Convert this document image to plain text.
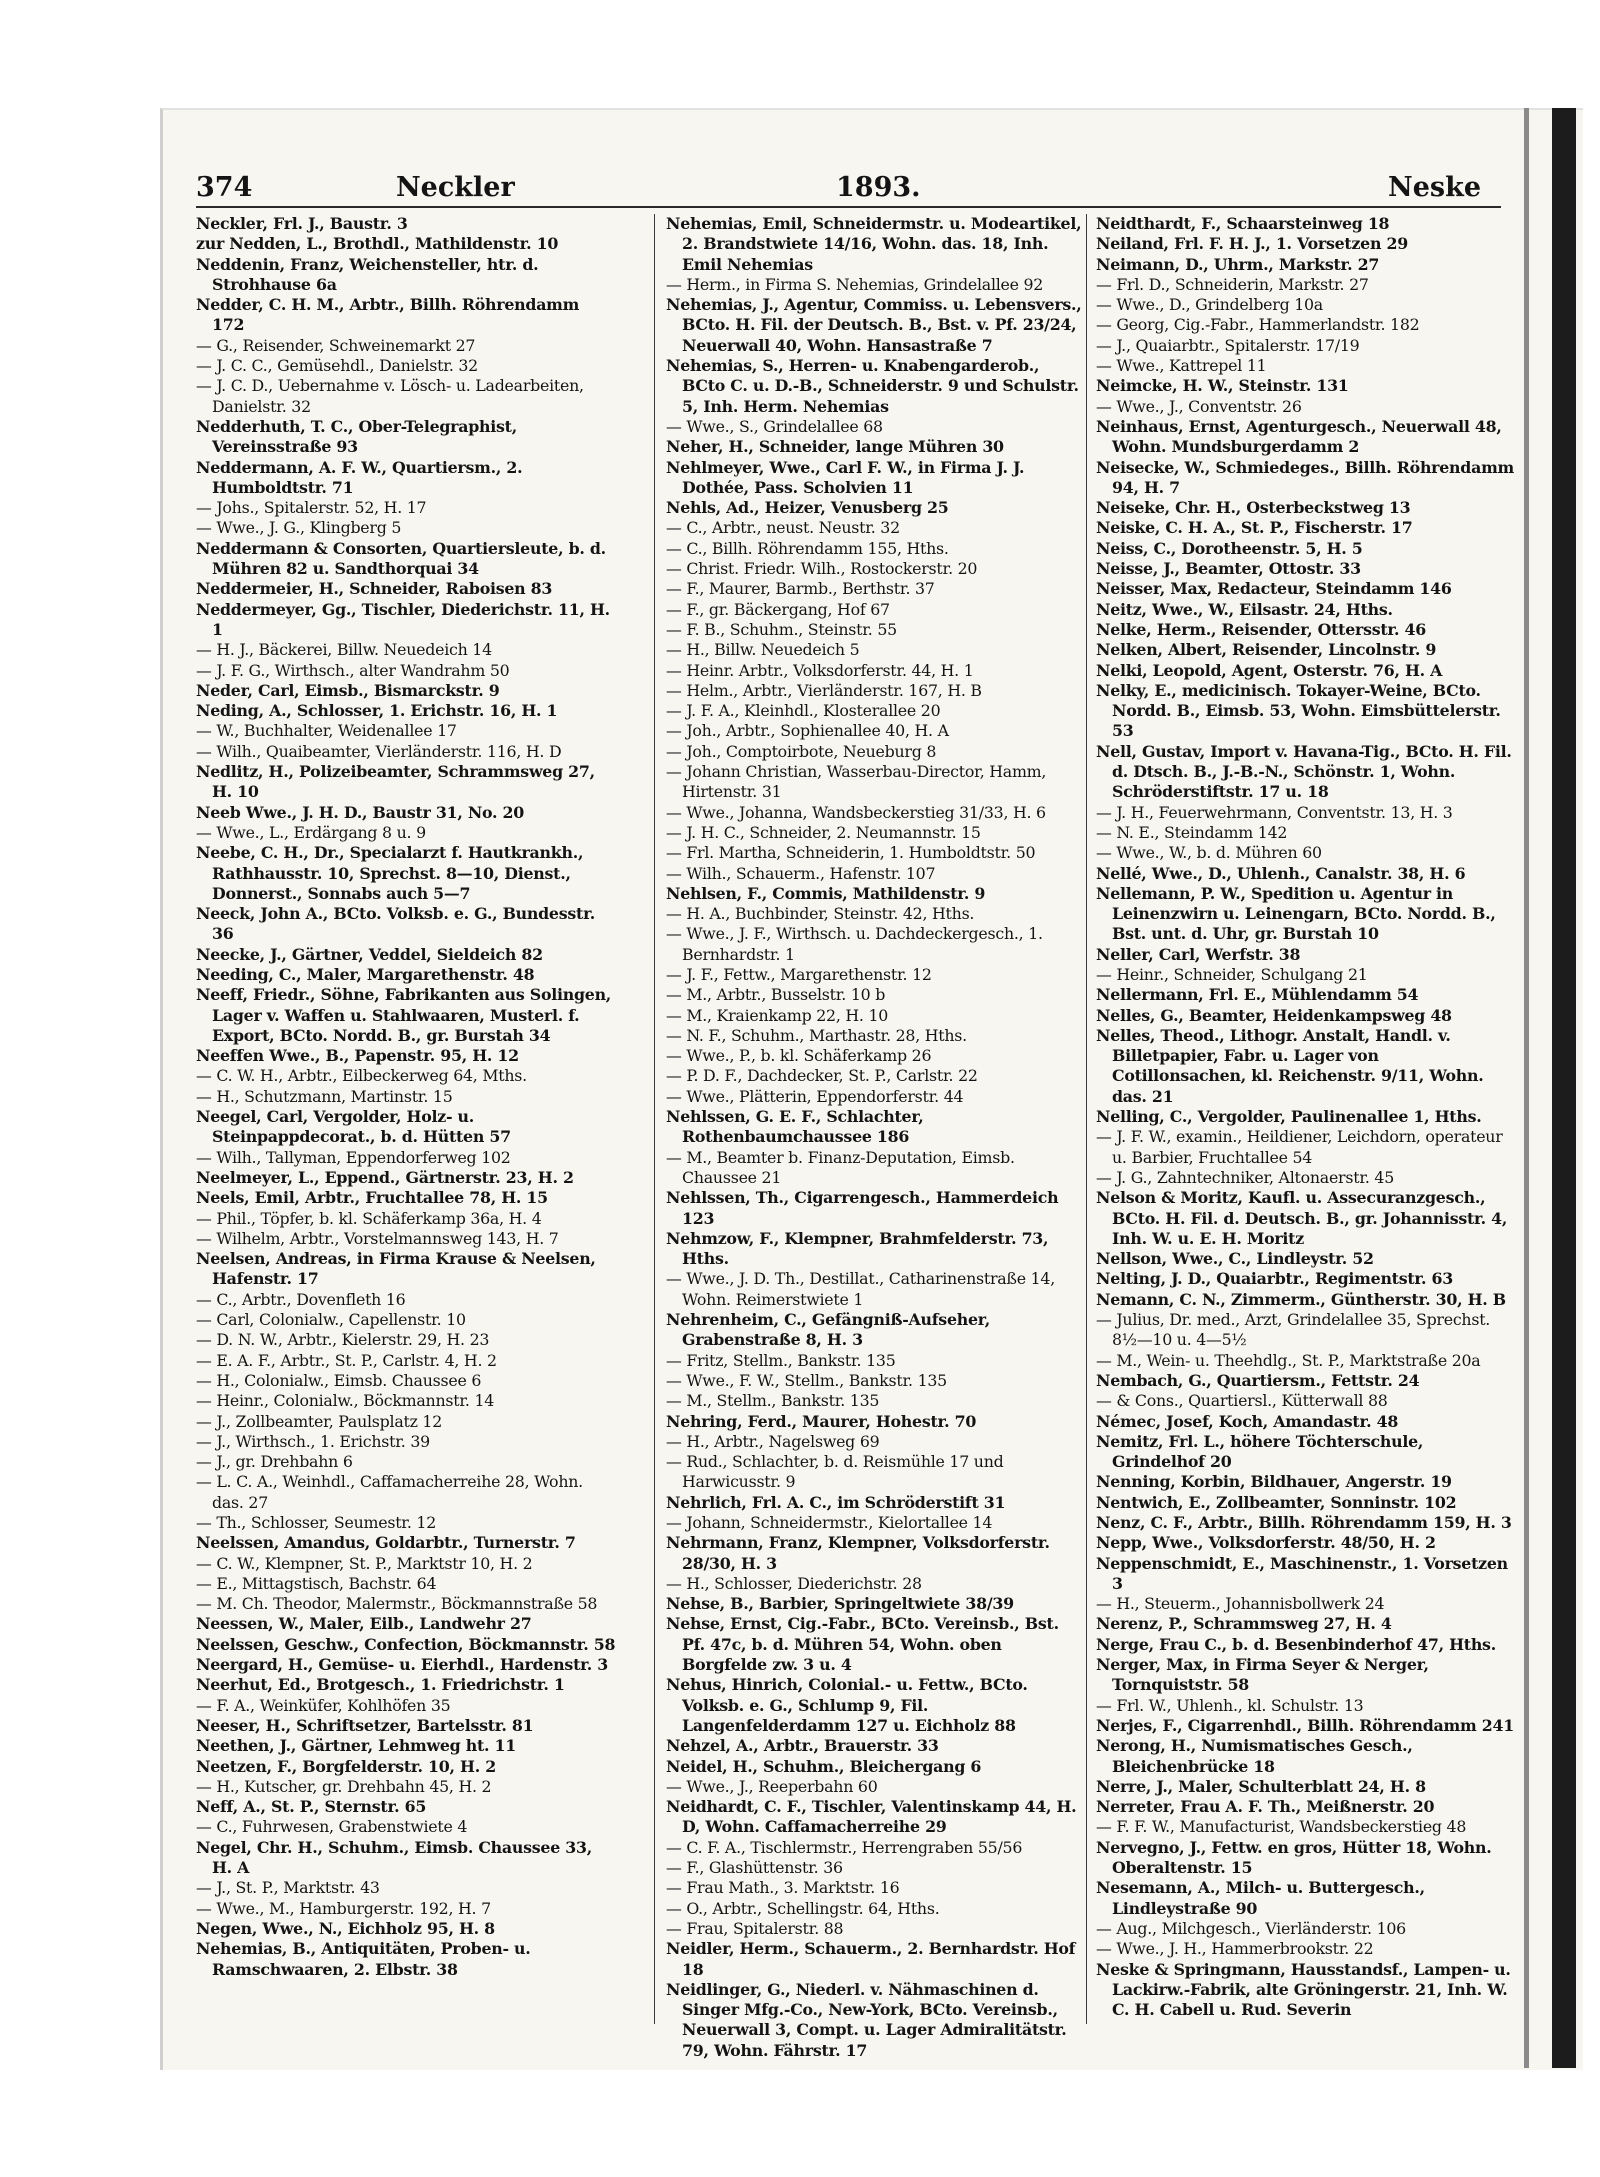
374	Neckler	1893.	Neske

Neckler, Frl. J., Baustr. 3

zur Nedden, L., Brothdl., Mathildenstr. 10

Neddenin, Franz, Weichensteller, htr. d. Strohhause 6a

Nedder, C. H. M., Arbtr., Billh. Röhrendamm 172

— G., Reisender, Schweinemarkt 27

— J. C. C., Gemüsehdl., Danielstr. 32

— J. C. D., Uebernahme v. Lösch- u. Ladearbeiten, Danielstr. 32

Nedderhuth, T. C., Ober-Telegraphist, Vereinsstraße 93

Neddermann, A. F. W., Quartiersm., 2. Humboldtstr. 71

— Johs., Spitalerstr. 52, H. 17

— Wwe., J. G., Klingberg 5

Neddermann & Consorten, Quartiersleute, b. d. Mühren 82 u. Sandthorquai 34

Neddermeier, H., Schneider, Raboisen 83

Neddermeyer, Gg., Tischler, Diederichstr. 11, H. 1

— H. J., Bäckerei, Billw. Neuedeich 14

— J. F. G., Wirthsch., alter Wandrahm 50

Neder, Carl, Eimsb., Bismarckstr. 9

Neding, A., Schlosser, 1. Erichstr. 16, H. 1

— W., Buchhalter, Weidenallee 17

— Wilh., Quaibeamter, Vierländerstr. 116, H. D

Nedlitz, H., Polizeibeamter, Schrammsweg 27, H. 10

Neeb Wwe., J. H. D., Baustr 31, No. 20

— Wwe., L., Erdärgang 8 u. 9

Neebe, C. H., Dr., Specialarzt f. Hautkrankh., Rathhausstr. 10, Sprechst. 8—10, Dienst., Donnerst., Sonnabs auch 5—7

Neeck, John A., BCto. Volksb. e. G., Bundesstr. 36

Neecke, J., Gärtner, Veddel, Sieldeich 82

Needing, C., Maler, Margarethenstr. 48

Neeff, Friedr., Söhne, Fabrikanten aus Solingen, Lager v. Waffen u. Stahlwaaren, Musterl. f. Export, BCto. Nordd. B., gr. Burstah 34

Neeffen Wwe., B., Papenstr. 95, H. 12

— C. W. H., Arbtr., Eilbeckerweg 64, Mths.

— H., Schutzmann, Martinstr. 15

Neegel, Carl, Vergolder, Holz- u. Steinpappdecorat., b. d. Hütten 57

— Wilh., Tallyman, Eppendorferweg 102

Neelmeyer, L., Eppend., Gärtnerstr. 23, H. 2

Neels, Emil, Arbtr., Fruchtallee 78, H. 15

— Phil., Töpfer, b. kl. Schäferkamp 36a, H. 4

— Wilhelm, Arbtr., Vorstelmannsweg 143, H. 7

Neelsen, Andreas, in Firma Krause & Neelsen, Hafenstr. 17

— C., Arbtr., Dovenfleth 16

— Carl, Colonialw., Capellenstr. 10

— D. N. W., Arbtr., Kielerstr. 29, H. 23

— E. A. F., Arbtr., St. P., Carlstr. 4, H. 2

— H., Colonialw., Eimsb. Chaussee 6

— Heinr., Colonialw., Böckmannstr. 14

— J., Zollbeamter, Paulsplatz 12

— J., Wirthsch., 1. Erichstr. 39

— J., gr. Drehbahn 6

— L. C. A., Weinhdl., Caffamacherreihe 28, Wohn. das. 27

— Th., Schlosser, Seumestr. 12

Neelssen, Amandus, Goldarbtr., Turnerstr. 7

— C. W., Klempner, St. P., Marktstr 10, H. 2

— E., Mittagstisch, Bachstr. 64

— M. Ch. Theodor, Malermstr., Böckmannstraße 58

Neessen, W., Maler, Eilb., Landwehr 27

Neelssen, Geschw., Confection, Böckmannstr. 58

Neergard, H., Gemüse- u. Eierhdl., Hardenstr. 3

Neerhut, Ed., Brotgesch., 1. Friedrichstr. 1

— F. A., Weinküfer, Kohlhöfen 35

Neeser, H., Schriftsetzer, Bartelsstr. 81

Neethen, J., Gärtner, Lehmweg ht. 11

Neetzen, F., Borgfelderstr. 10, H. 2

— H., Kutscher, gr. Drehbahn 45, H. 2

Neff, A., St. P., Sternstr. 65

— C., Fuhrwesen, Grabenstwiete 4

Negel, Chr. H., Schuhm., Eimsb. Chaussee 33, H. A

— J., St. P., Marktstr. 43

— Wwe., M., Hamburgerstr. 192, H. 7

Negen, Wwe., N., Eichholz 95, H. 8

Nehemias, B., Antiquitäten, Proben- u. Ramschwaaren, 2. Elbstr. 38

Nehemias, Emil, Schneidermstr. u. Modeartikel, 2. Brandstwiete 14/16, Wohn. das. 18, Inh. Emil Nehemias

— Herm., in Firma S. Nehemias, Grindelallee 92

Nehemias, J., Agentur, Commiss. u. Lebensvers., BCto. H. Fil. der Deutsch. B., Bst. v. Pf. 23/24, Neuerwall 40, Wohn. Hansastraße 7

Nehemias, S., Herren- u. Knabengarderob., BCto C. u. D.-B., Schneiderstr. 9 und Schulstr. 5, Inh. Herm. Nehemias

— Wwe., S., Grindelallee 68

Neher, H., Schneider, lange Mühren 30

Nehlmeyer, Wwe., Carl F. W., in Firma J. J. Dothée, Pass. Scholvien 11

Nehls, Ad., Heizer, Venusberg 25

— C., Arbtr., neust. Neustr. 32

— C., Billh. Röhrendamm 155, Hths.

— Christ. Friedr. Wilh., Rostockerstr. 20

— F., Maurer, Barmb., Berthstr. 37

— F., gr. Bäckergang, Hof 67

— F. B., Schuhm., Steinstr. 55

— H., Billw. Neuedeich 5

— Heinr. Arbtr., Volksdorferstr. 44, H. 1

— Helm., Arbtr., Vierländerstr. 167, H. B

— J. F. A., Kleinhdl., Klosterallee 20

— Joh., Arbtr., Sophienallee 40, H. A

— Joh., Comptoirbote, Neueburg 8

— Johann Christian, Wasserbau-Director, Hamm, Hirtenstr. 31

— Wwe., Johanna, Wandsbeckerstieg 31/33, H. 6

— J. H. C., Schneider, 2. Neumannstr. 15

— Frl. Martha, Schneiderin, 1. Humboldtstr. 50

— Wilh., Schauerm., Hafenstr. 107

Nehlsen, F., Commis, Mathildenstr. 9

— H. A., Buchbinder, Steinstr. 42, Hths.

— Wwe., J. F., Wirthsch. u. Dachdeckergesch., 1. Bernhardstr. 1

— J. F., Fettw., Margarethenstr. 12

— M., Arbtr., Busselstr. 10 b

— M., Kraienkamp 22, H. 10

— N. F., Schuhm., Marthastr. 28, Hths.

— Wwe., P., b. kl. Schäferkamp 26

— P. D. F., Dachdecker, St. P., Carlstr. 22

— Wwe., Plätterin, Eppendorferstr. 44

Nehlssen, G. E. F., Schlachter, Rothenbaumchaussee 186

— M., Beamter b. Finanz-Deputation, Eimsb. Chaussee 21

Nehlssen, Th., Cigarrengesch., Hammerdeich 123

Nehmzow, F., Klempner, Brahmfelderstr. 73, Hths.

— Wwe., J. D. Th., Destillat., Catharinenstraße 14, Wohn. Reimerstwiete 1

Nehrenheim, C., Gefängniß-Aufseher, Grabenstraße 8, H. 3

— Fritz, Stellm., Bankstr. 135

— Wwe., F. W., Stellm., Bankstr. 135

— M., Stellm., Bankstr. 135

Nehring, Ferd., Maurer, Hohestr. 70

— H., Arbtr., Nagelsweg 69

— Rud., Schlachter, b. d. Reismühle 17 und Harwicusstr. 9

Nehrlich, Frl. A. C., im Schröderstift 31

— Johann, Schneidermstr., Kielortallee 14

Nehrmann, Franz, Klempner, Volksdorferstr. 28/30, H. 3

— H., Schlosser, Diederichstr. 28

Nehse, B., Barbier, Springeltwiete 38/39

Nehse, Ernst, Cig.-Fabr., BCto. Vereinsb., Bst. Pf. 47c, b. d. Mühren 54, Wohn. oben Borgfelde zw. 3 u. 4

Nehus, Hinrich, Colonial.- u. Fettw., BCto. Volksb. e. G., Schlump 9, Fil. Langenfelderdamm 127 u. Eichholz 88

Nehzel, A., Arbtr., Brauerstr. 33

Neidel, H., Schuhm., Bleichergang 6

— Wwe., J., Reeperbahn 60

Neidhardt, C. F., Tischler, Valentinskamp 44, H. D, Wohn. Caffamacherreihe 29

— C. F. A., Tischlermstr., Herrengraben 55/56

— F., Glashüttenstr. 36

— Frau Math., 3. Marktstr. 16

— O., Arbtr., Schellingstr. 64, Hths.

— Frau, Spitalerstr. 88

Neidler, Herm., Schauerm., 2. Bernhardstr. Hof 18

Neidlinger, G., Niederl. v. Nähmaschinen d. Singer Mfg.-Co., New-York, BCto. Vereinsb., Neuerwall 3, Compt. u. Lager Admiralitätstr. 79, Wohn. Fährstr. 17

Neidthardt, F., Schaarsteinweg 18

Neiland, Frl. F. H. J., 1. Vorsetzen 29

Neimann, D., Uhrm., Markstr. 27

— Frl. D., Schneiderin, Markstr. 27

— Wwe., D., Grindelberg 10a

— Georg, Cig.-Fabr., Hammerlandstr. 182

— J., Quaiarbtr., Spitalerstr. 17/19

— Wwe., Kattrepel 11

Neimcke, H. W., Steinstr. 131

— Wwe., J., Conventstr. 26

Neinhaus, Ernst, Agenturgesch., Neuerwall 48, Wohn. Mundsburgerdamm 2

Neisecke, W., Schmiedeges., Billh. Röhrendamm 94, H. 7

Neiseke, Chr. H., Osterbeckstweg 13

Neiske, C. H. A., St. P., Fischerstr. 17

Neiss, C., Dorotheenstr. 5, H. 5

Neisse, J., Beamter, Ottostr. 33

Neisser, Max, Redacteur, Steindamm 146

Neitz, Wwe., W., Eilsastr. 24, Hths.

Nelke, Herm., Reisender, Ottersstr. 46

Nelken, Albert, Reisender, Lincolnstr. 9

Nelki, Leopold, Agent, Osterstr. 76, H. A

Nelky, E., medicinisch. Tokayer-Weine, BCto. Nordd. B., Eimsb. 53, Wohn. Eimsbüttelerstr. 53

Nell, Gustav, Import v. Havana-Tig., BCto. H. Fil. d. Dtsch. B., J.-B.-N., Schönstr. 1, Wohn. Schröderstiftstr. 17 u. 18

— J. H., Feuerwehrmann, Conventstr. 13, H. 3

— N. E., Steindamm 142

— Wwe., W., b. d. Mühren 60

Nellé, Wwe., D., Uhlenh., Canalstr. 38, H. 6

Nellemann, P. W., Spedition u. Agentur in Leinenzwirn u. Leinengarn, BCto. Nordd. B., Bst. unt. d. Uhr, gr. Burstah 10

Neller, Carl, Werfstr. 38

— Heinr., Schneider, Schulgang 21

Nellermann, Frl. E., Mühlendamm 54

Nelles, G., Beamter, Heidenkampsweg 48

Nelles, Theod., Lithogr. Anstalt, Handl. v. Billetpapier, Fabr. u. Lager von Cotillonsachen, kl. Reichenstr. 9/11, Wohn. das. 21

Nelling, C., Vergolder, Paulinenallee 1, Hths.

— J. F. W., examin., Heildiener, Leichdorn, operateur u. Barbier, Fruchtallee 54

— J. G., Zahntechniker, Altonaerstr. 45

Nelson & Moritz, Kaufl. u. Assecuranzgesch., BCto. H. Fil. d. Deutsch. B., gr. Johannisstr. 4, Inh. W. u. E. H. Moritz

Nellson, Wwe., C., Lindleystr. 52

Nelting, J. D., Quaiarbtr., Regimentstr. 63

Nemann, C. N., Zimmerm., Güntherstr. 30, H. B

— Julius, Dr. med., Arzt, Grindelallee 35, Sprechst. 8½—10 u. 4—5½

— M., Wein- u. Theehdlg., St. P., Marktstraße 20a

Nembach, G., Quartiersm., Fettstr. 24

— & Cons., Quartiersl., Kütterwall 88

Némec, Josef, Koch, Amandastr. 48

Nemitz, Frl. L., höhere Töchterschule, Grindelhof 20

Nenning, Korbin, Bildhauer, Angerstr. 19

Nentwich, E., Zollbeamter, Sonninstr. 102

Nenz, C. F., Arbtr., Billh. Röhrendamm 159, H. 3

Nepp, Wwe., Volksdorferstr. 48/50, H. 2

Neppenschmidt, E., Maschinenstr., 1. Vorsetzen 3

— H., Steuerm., Johannisbollwerk 24

Nerenz, P., Schrammsweg 27, H. 4

Nerge, Frau C., b. d. Besenbinderhof 47, Hths.

Nerger, Max, in Firma Seyer & Nerger, Tornquiststr. 58

— Frl. W., Uhlenh., kl. Schulstr. 13

Nerjes, F., Cigarrenhdl., Billh. Röhrendamm 241

Nerong, H., Numismatisches Gesch., Bleichenbrücke 18

Nerre, J., Maler, Schulterblatt 24, H. 8

Nerreter, Frau A. F. Th., Meißnerstr. 20

— F. F. W., Manufacturist, Wandsbeckerstieg 48

Nervegno, J., Fettw. en gros, Hütter 18, Wohn. Oberaltenstr. 15

Nesemann, A., Milch- u. Buttergesch., Lindleystraße 90

— Aug., Milchgesch., Vierländerstr. 106

— Wwe., J. H., Hammerbrookstr. 22

Neske & Springmann, Hausstandsf., Lampen- u. Lackirw.-Fabrik, alte Gröningerstr. 21, Inh. W. C. H. Cabell u. Rud. Severin
